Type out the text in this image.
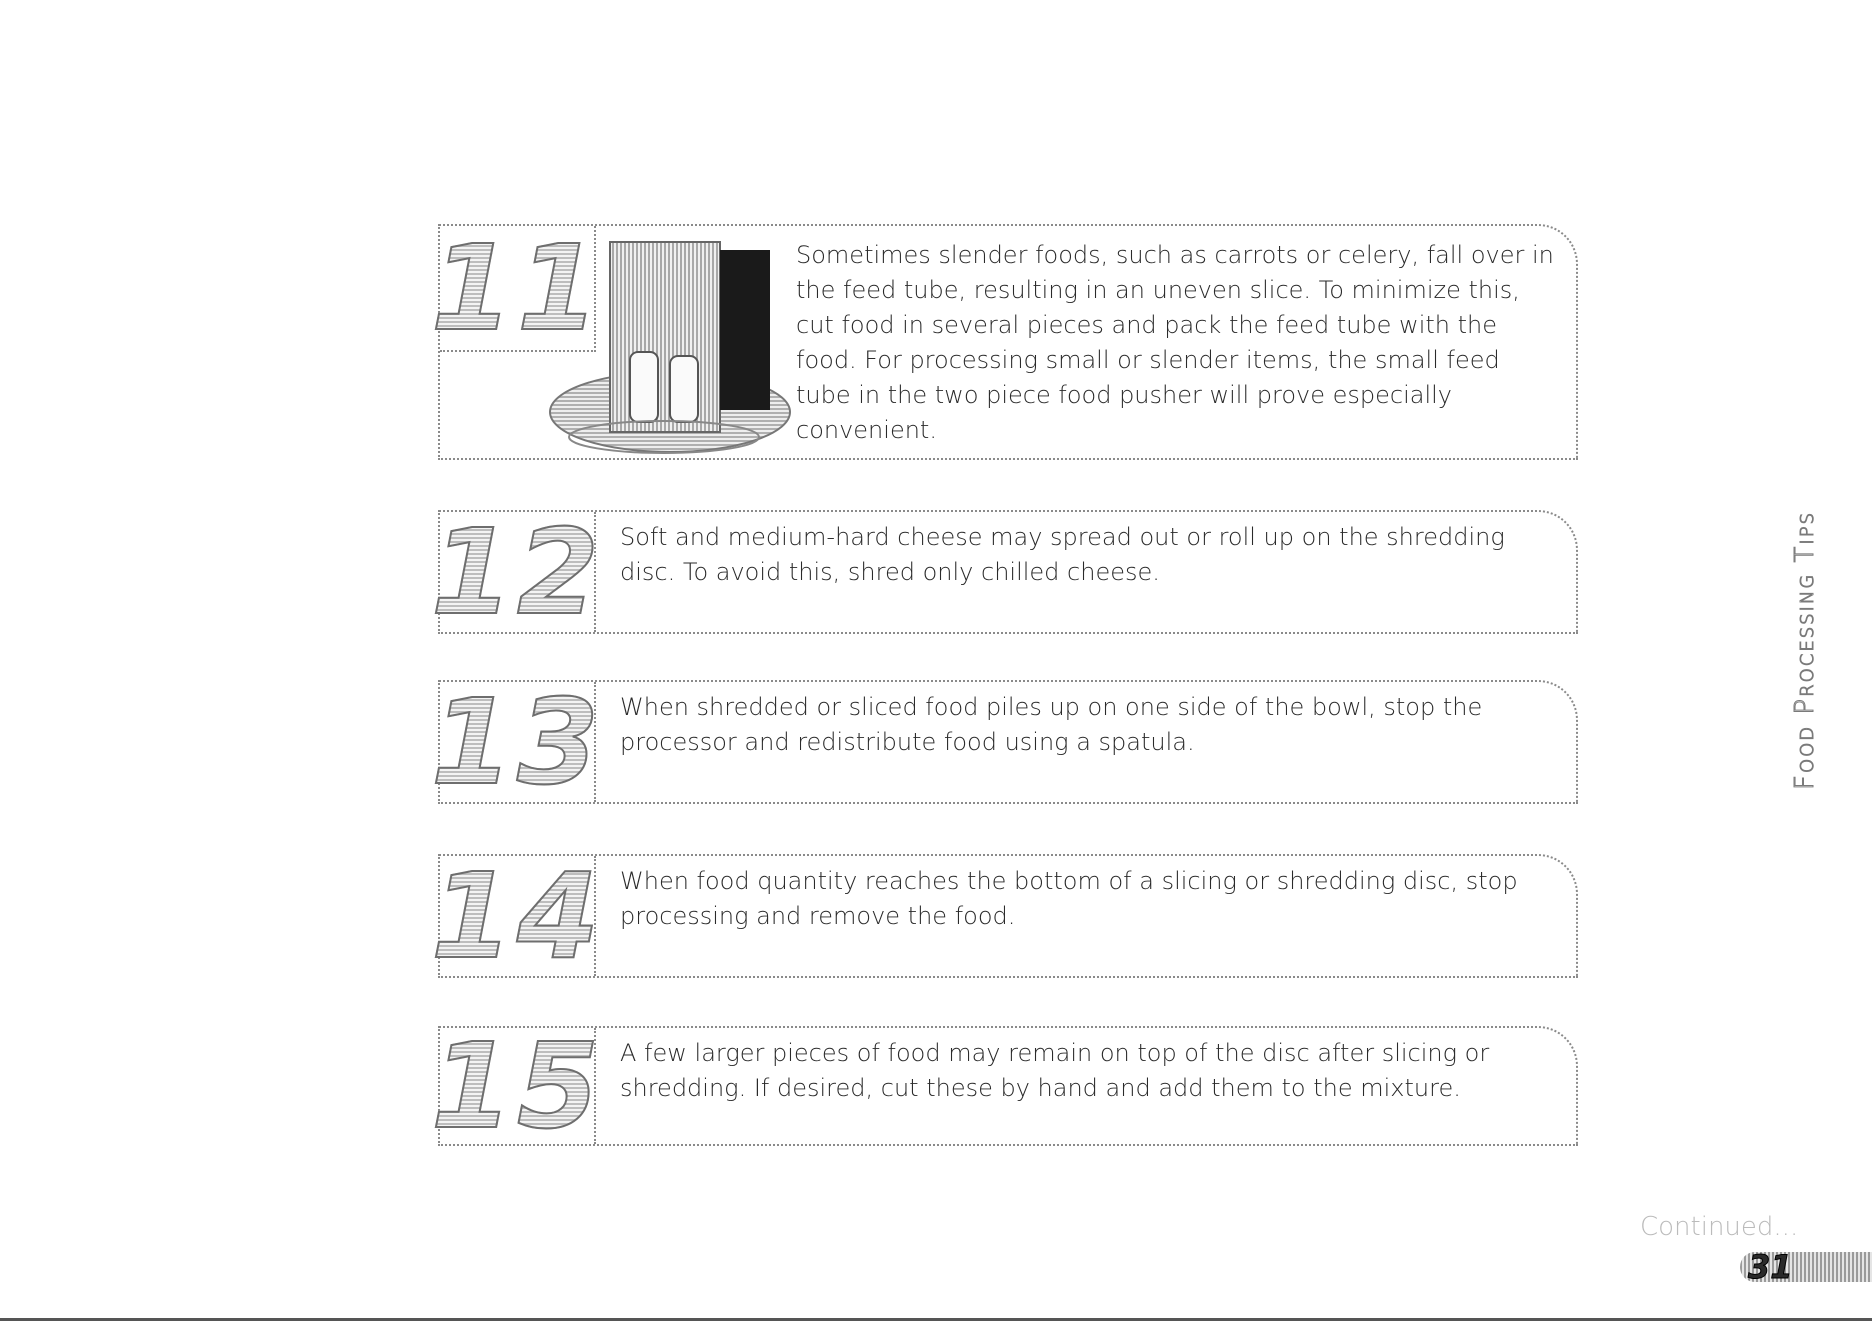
11	Sometimes slender foods, such as carrots or celery, fall over in the feed tube, resulting in an uneven slice. To minimize this, cut food in several pieces and pack the feed tube with the food. For processing small or slender items, the small feed tube in the two piece food pusher will prove especially convenient.
12 Soft and medium-hard cheese may spread out or roll up on the shredding disc. To avoid this, shred only chilled cheese.
13 When shredded or sliced food piles up on one side of the bowl, stop the processor and redistribute food using a spatula.
14 When food quantity reaches the bottom of a slicing or shredding disc, stop processing and remove the food.
15 A few larger pieces of food may remain on top of the disc after slicing or shredding. If desired, cut these by hand and add them to the mixture.
Food Processing Tips
Continued...
31
